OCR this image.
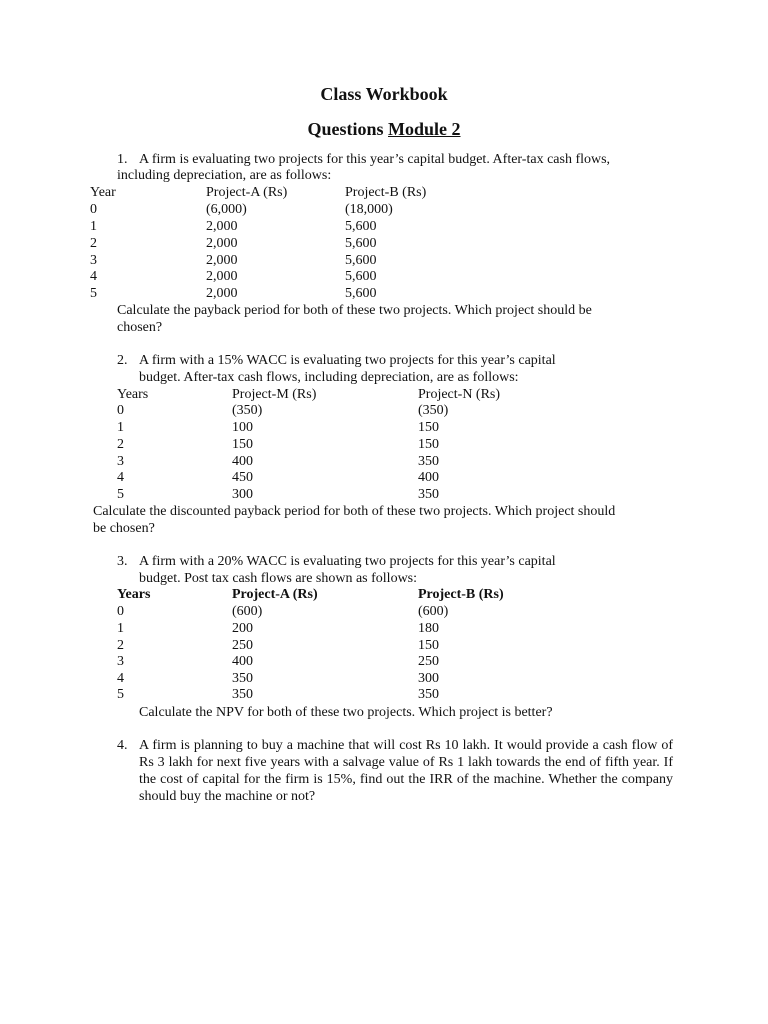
Class Workbook
Questions Module 2
1. A firm is evaluating two projects for this year’s capital budget. After-tax cash flows,
including depreciation, are as follows:
Year	Project-A (Rs)	Project-B (Rs)
0	(6,000)	(18,000)
1	2,000	5,600
2	2,000	5,600
3	2,000	5,600
4	2,000	5,600
5	2,000	5,600
Calculate the payback period for both of these two projects. Which project should be
chosen?
2. A firm with a 15% WACC is evaluating two projects for this year’s capital
budget. After-tax cash flows, including depreciation, are as follows:
Years	Project-M (Rs)	Project-N (Rs)
0	(350)	(350)
1	100	150
2	150	150
3	400	350
4	450	400
5	300	350
Calculate the discounted payback period for both of these two projects. Which project should
be chosen?
3. A firm with a 20% WACC is evaluating two projects for this year’s capital
budget. Post tax cash flows are shown as follows:
Years	Project-A (Rs)	Project-B (Rs)
0	(600)	(600)
1	200	180
2	250	150
3	400	250
4	350	300
5	350	350
Calculate the NPV for both of these two projects. Which project is better?
4. A firm is planning to buy a machine that will cost Rs 10 lakh. It would provide a cash flow of Rs 3 lakh for next five years with a salvage value of Rs 1 lakh towards the end of fifth year. If the cost of capital for the firm is 15%, find out the IRR of the machine. Whether the company should buy the machine or not?
